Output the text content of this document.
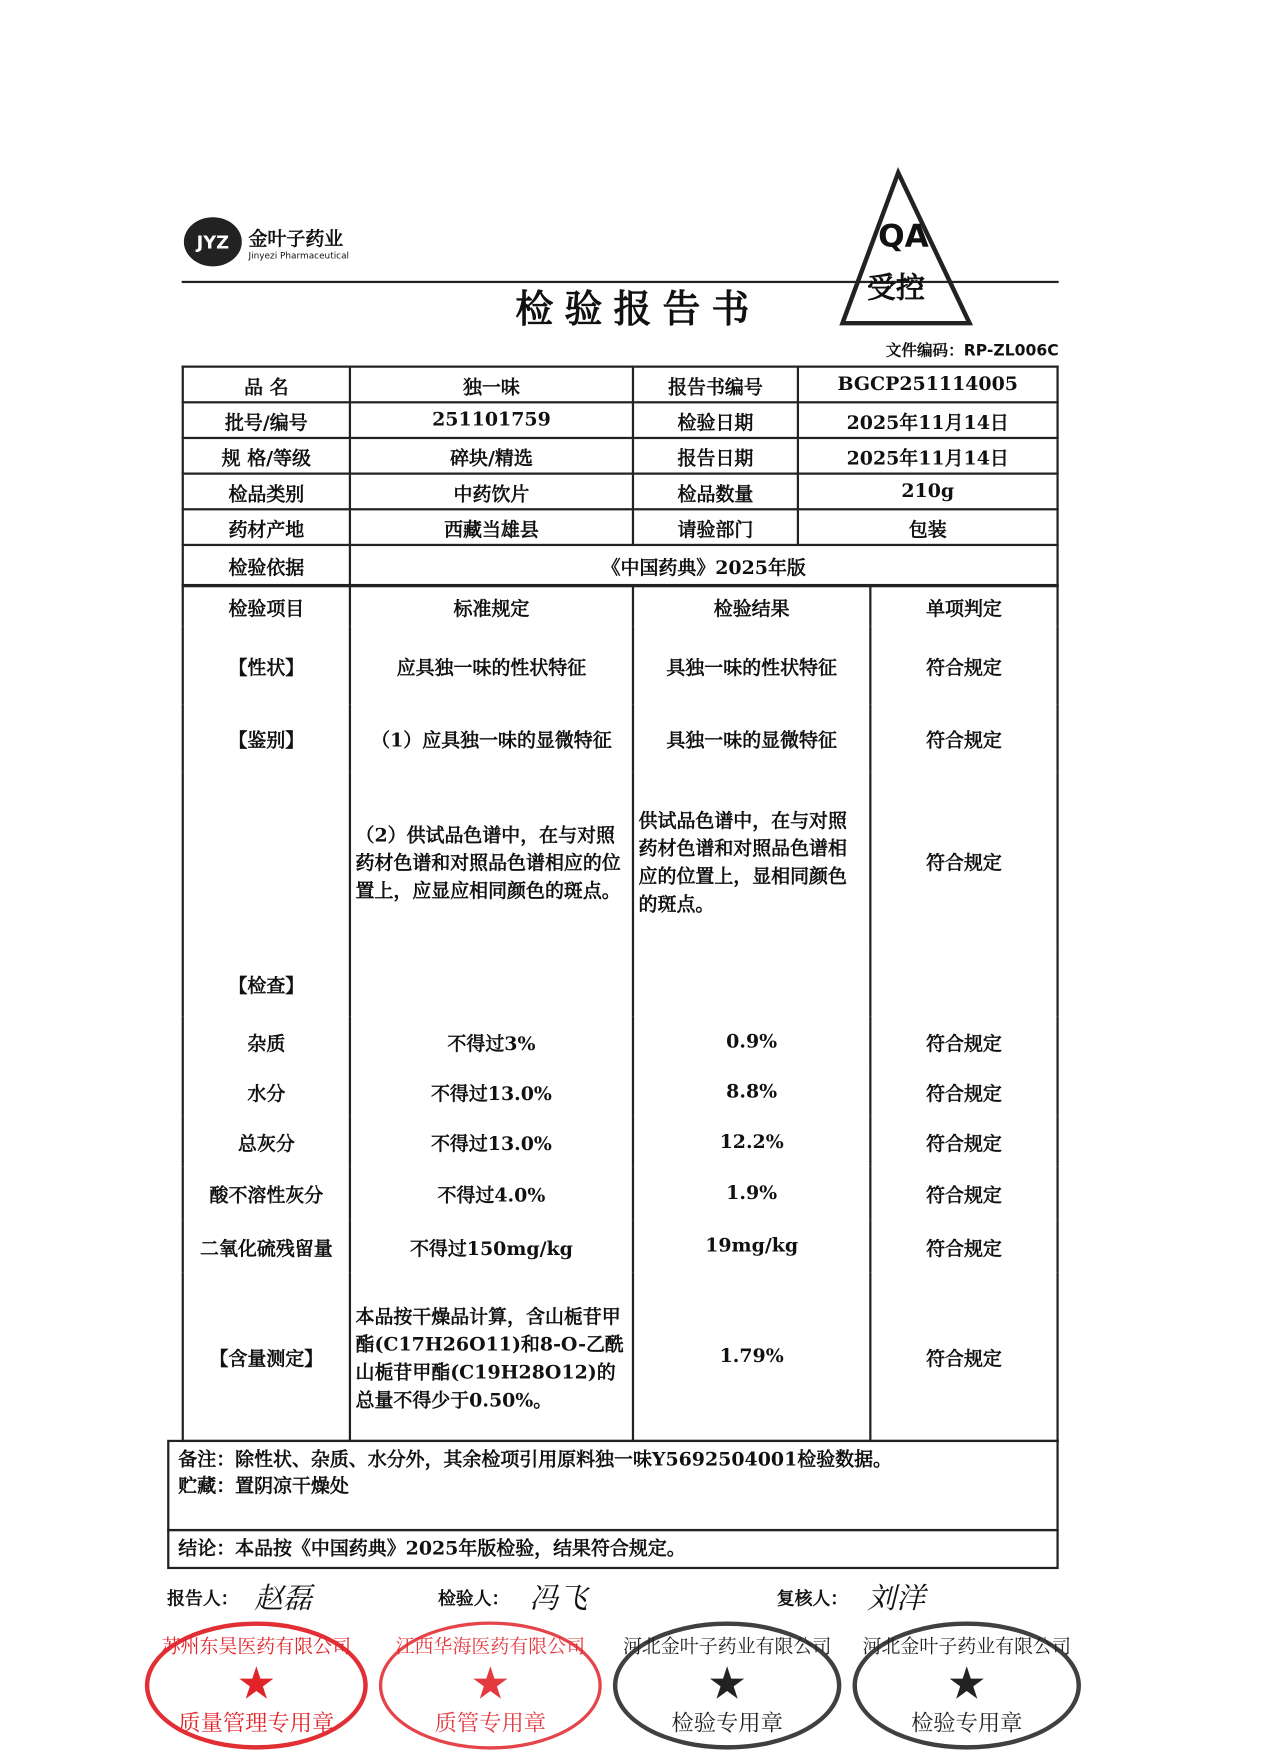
JYZ	金叶子药业
Jinyezi Pharmaceutical
检验报告书
QA
受控
文件编码：RP-ZL006C
品 名	独一味	报告书编号	BGCP251114005
批号/编号	251101759	检验日期	2025年11月14日
规 格/等级	碎块/精选	报告日期	2025年11月14日
检品类别	中药饮片	检品数量	210g
药材产地	西藏当雄县	请验部门	包装
检验依据	《中国药典》2025年版		
检验项目	标准规定	检验结果	单项判定
【性状】	应具独一味的性状特征	具独一味的性状特征	符合规定
【鉴别】	（1）应具独一味的显微特征	具独一味的显微特征	符合规定
	（2）供试品色谱中，在与对照药材色谱和对照品色谱相应的位置上，应显应相同颜色的斑点。	供试品色谱中，在与对照药材色谱和对照品色谱相应的位置上，显相同颜色的斑点。	符合规定
【检查】			
杂质	不得过3%	0.9%	符合规定
水分	不得过13.0%	8.8%	符合规定
总灰分	不得过13.0%	12.2%	符合规定
酸不溶性灰分	不得过4.0%	1.9%	符合规定
二氧化硫残留量	不得过150mg/kg	19mg/kg	符合规定
【含量测定】	本品按干燥品计算，含山栀苷甲酯(C17H26O11)和8-O-乙酰山栀苷甲酯(C19H28O12)的总量不得少于0.50%。	1.79%	符合规定
备注：除性状、杂质、水分外，其余检项引用原料独一味Y5692504001检验数据。
贮藏：置阴凉干燥处
结论：本品按《中国药典》2025年版检验，结果符合规定。
报告人： 赵磊	检验人： 冯飞	复核人： 刘洋
苏州东昊医药有限公司
★
质量管理专用章
江西华海医药有限公司
★
质管专用章
河北金叶子药业有限公司
★
检验专用章
河北金叶子药业有限公司
★
检验专用章
